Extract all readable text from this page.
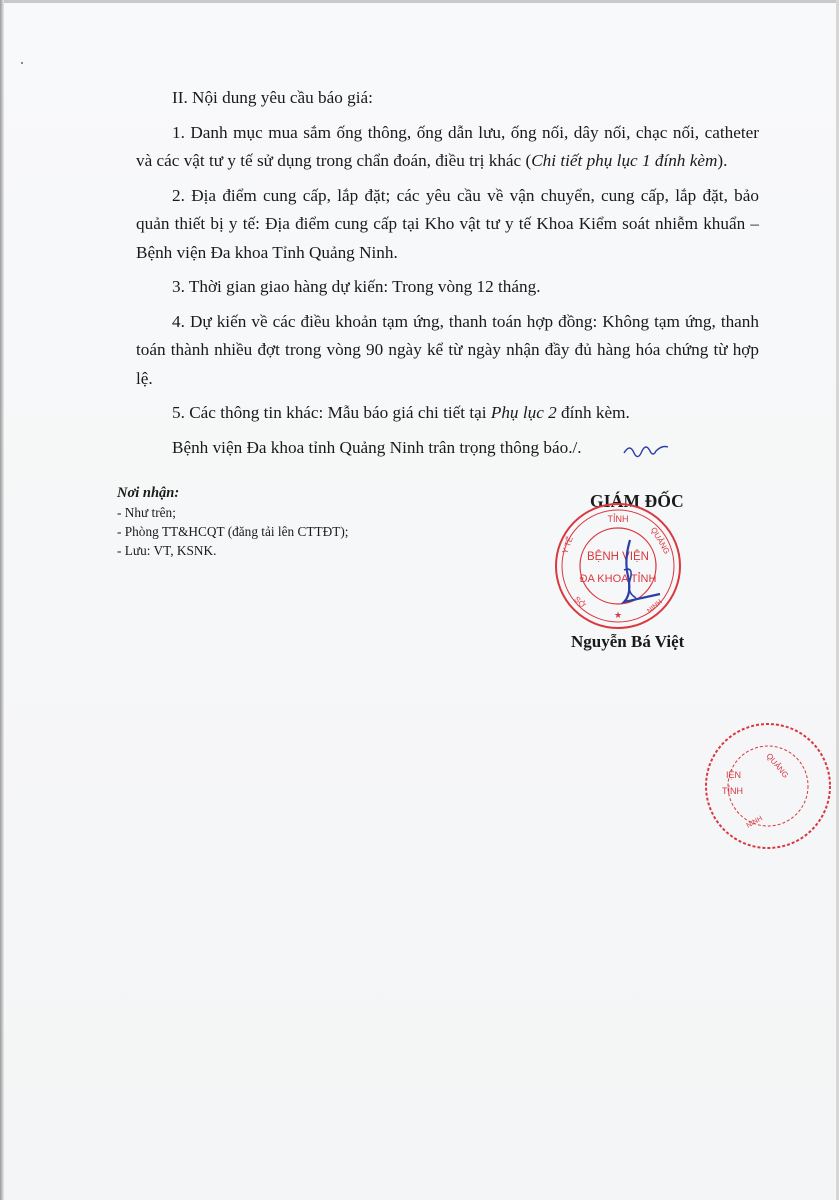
II. Nội dung yêu cầu báo giá:

1. Danh mục mua sắm ống thông, ống dẫn lưu, ống nối, dây nối, chạc nối, catheter và các vật tư y tế sử dụng trong chẩn đoán, điều trị khác (Chi tiết phụ lục 1 đính kèm).

2. Địa điểm cung cấp, lắp đặt; các yêu cầu về vận chuyển, cung cấp, lắp đặt, bảo quản thiết bị y tế: Địa điểm cung cấp tại Kho vật tư y tế Khoa Kiểm soát nhiễm khuẩn – Bệnh viện Đa khoa Tỉnh Quảng Ninh.

3. Thời gian giao hàng dự kiến: Trong vòng 12 tháng.

4. Dự kiến về các điều khoản tạm ứng, thanh toán hợp đồng: Không tạm ứng, thanh toán thành nhiều đợt trong vòng 90 ngày kể từ ngày nhận đầy đủ hàng hóa chứng từ hợp lệ.

5. Các thông tin khác: Mẫu báo giá chi tiết tại Phụ lục 2 đính kèm.

Bệnh viện Đa khoa tỉnh Quảng Ninh trân trọng thông báo./.

Nơi nhận:
- Như trên;
- Phòng TT&HCQT (đăng tải lên CTTĐT);
- Lưu: VT, KSNK.
GIÁM ĐỐC
TỈNH
QUẢNG
Y TẾ
SỞ	NINH
BỆNH VIỆN
ĐA KHOA TỈNH
★
Nguyễn Bá Việt
IỆN
TỈNH
QUẢNG
NINH
